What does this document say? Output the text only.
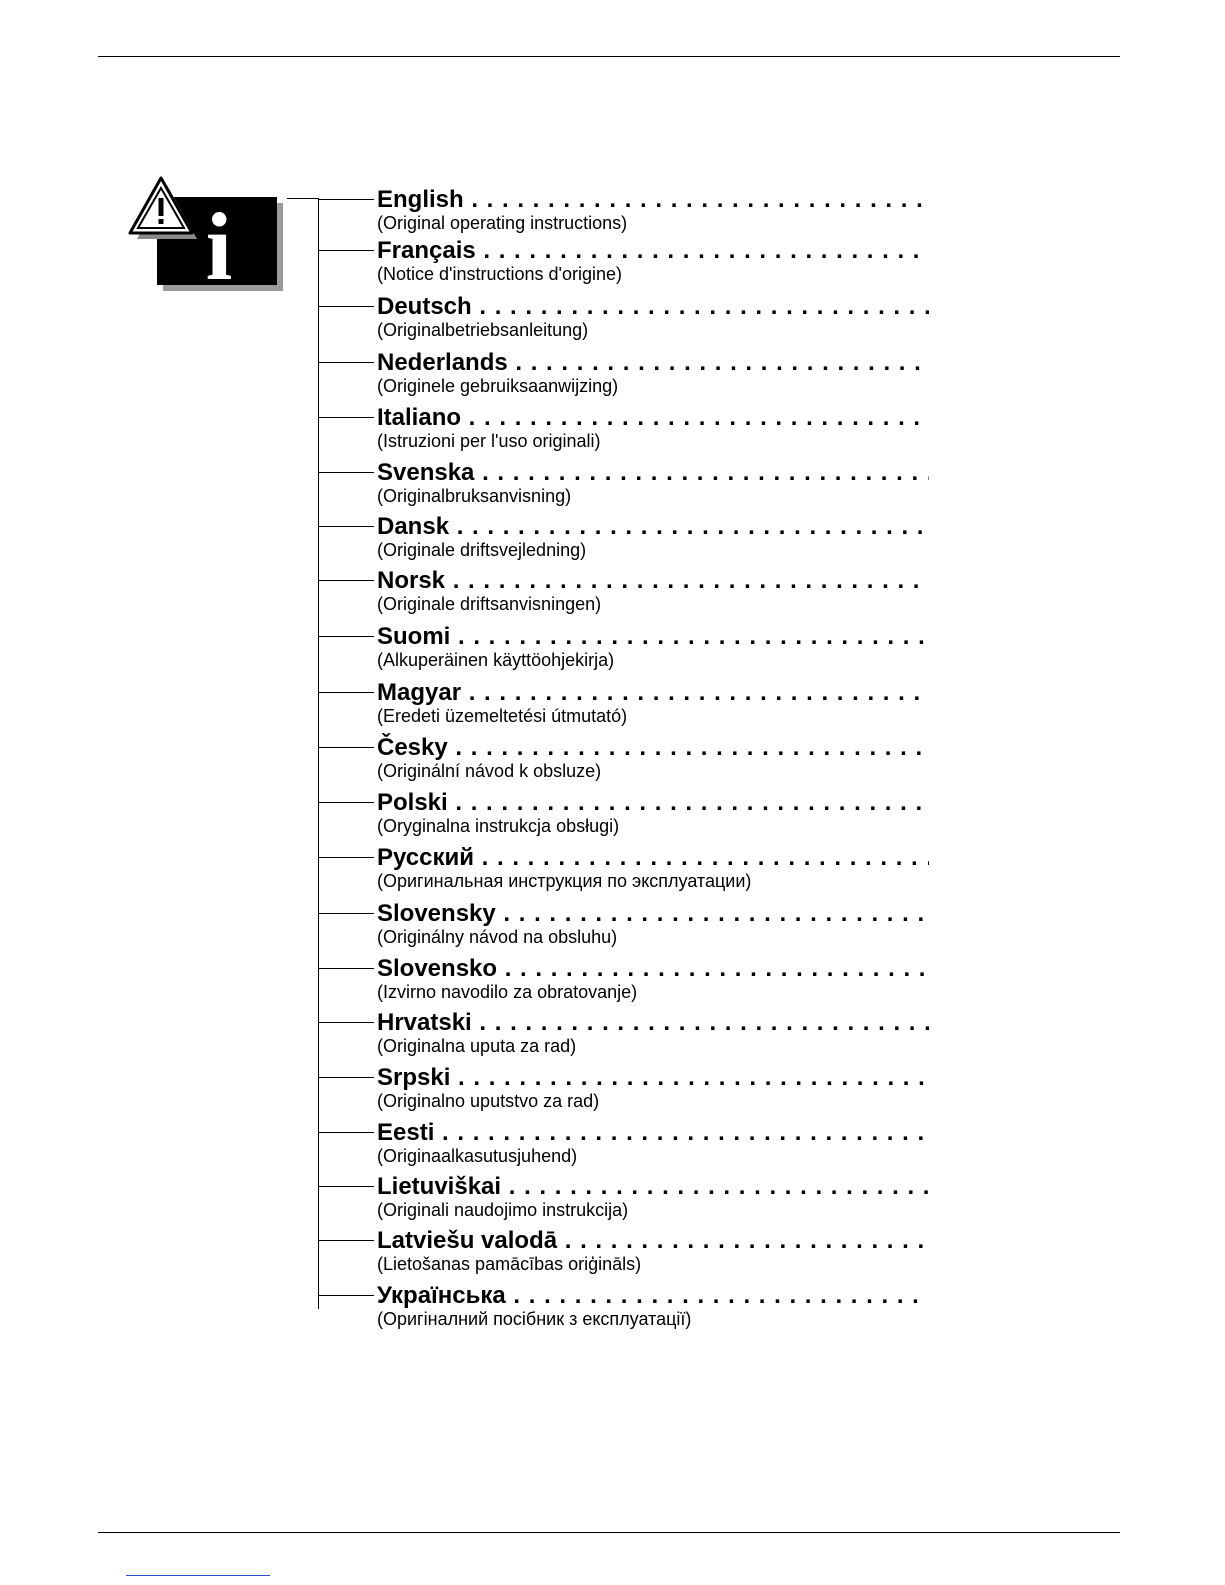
i	English . . .
(Original operating instructions)
Français . . .
(Notice d'instructions d'origine)
Deutsch . . .
(Originalbetriebsanleitung)
Nederlands . . .
(Originele gebruiksaanwijzing)
Italiano . . .
(Istruzioni per l'uso originali)
Svenska . . .
(Originalbruksanvisning)
Dansk . . .
(Originale driftsvejledning)
Norsk . . .
(Originale driftsanvisningen)
Suomi . . .
(Alkuperäinen käyttöohjekirja)
Magyar . . .
(Eredeti üzemeltetési útmutató)
Česky . . .
(Originální návod k obsluze)
Polski . . .
(Oryginalna instrukcja obsługi)
Русский . . .
(Оригинальная инструкция по эксплуатации)
Slovensky . . .
(Originálny návod na obsluhu)
Slovensko . . .
(Izvirno navodilo za obratovanje)
Hrvatski . . .
(Originalna uputa za rad)
Srpski . . .
(Originalno uputstvo za rad)
Eesti . . .
(Originaalkasutusjuhend)
Lietuviškai . . .
(Originali naudojimo instrukcija)
Latviešu valodā . . .
(Lietošanas pamācības oriģināls)
Українська . . .
(Оригіналний посібник з експлуатації)
